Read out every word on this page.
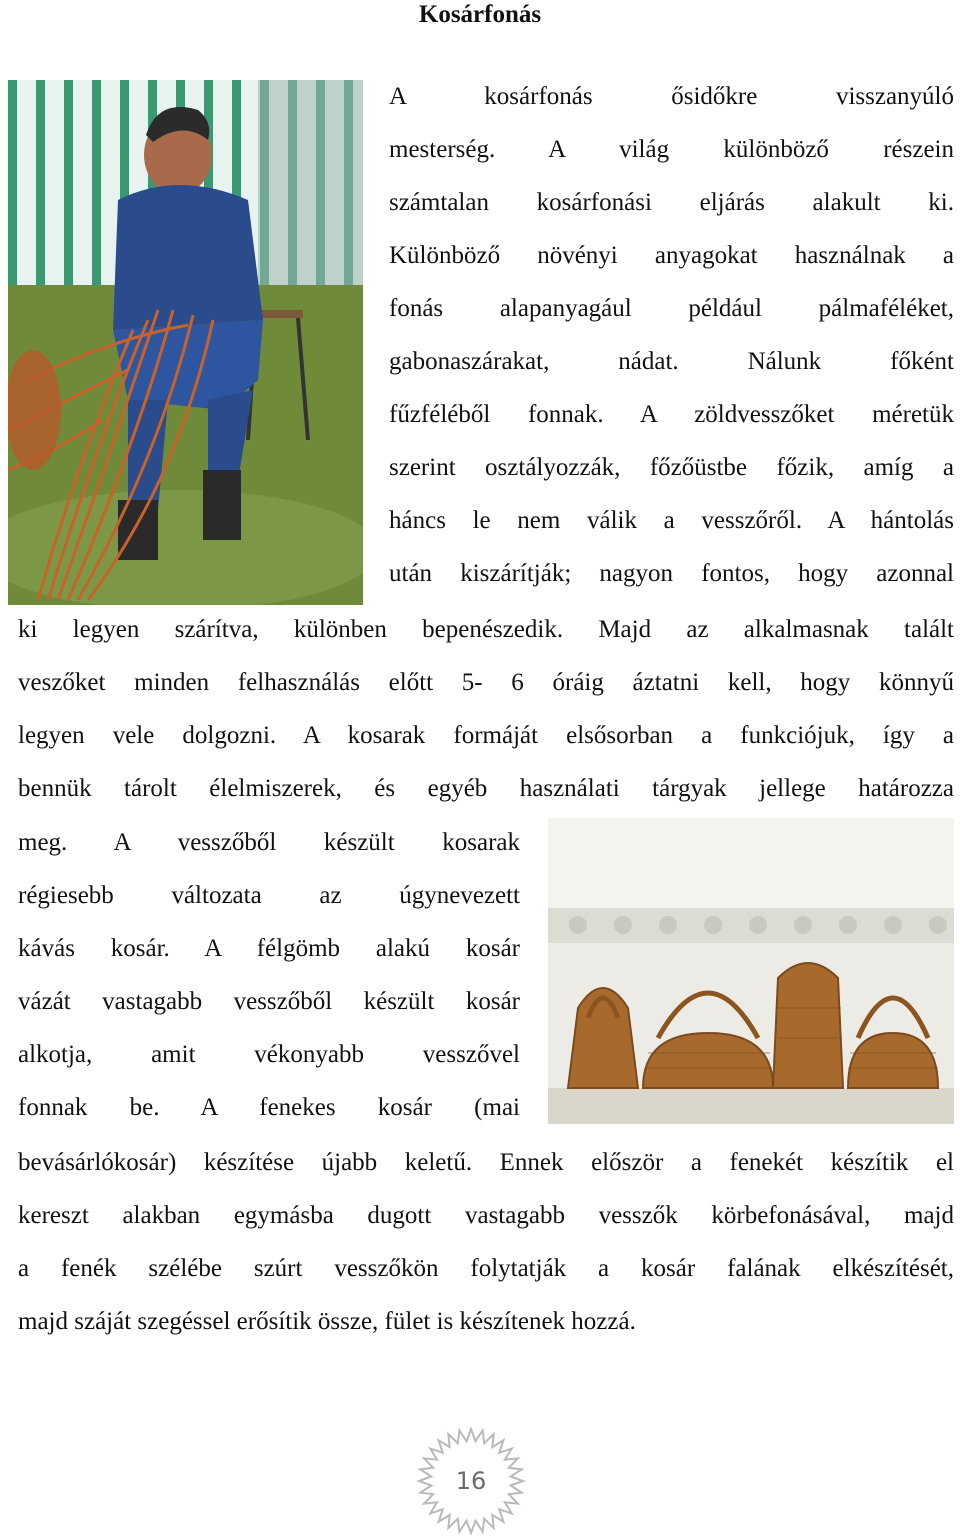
Kosárfonás
A kosárfonás ősidőkre visszanyúló
mesterség. A világ különböző részein
számtalan kosárfonási eljárás alakult ki.
Különböző növényi anyagokat használnak a
fonás alapanyagául például pálmaféléket,
gabonaszárakat, nádat. Nálunk főként
fűzféléből fonnak. A zöldvesszőket méretük
szerint osztályozzák, főzőüstbe főzik, amíg a
háncs le nem válik a vesszőről. A hántolás
után kiszárítják; nagyon fontos, hogy azonnal
ki legyen szárítva, különben bepenészedik. Majd az alkalmasnak talált
veszőket minden felhasználás előtt 5- 6 óráig áztatni kell, hogy könnyű
legyen vele dolgozni. A kosarak formáját elsősorban a funkciójuk, így a
bennük tárolt élelmiszerek, és egyéb használati tárgyak jellege határozza
meg. A vesszőből készült kosarak
régiesebb változata az úgynevezett
kávás kosár. A félgömb alakú kosár
vázát vastagabb vesszőből készült kosár
alkotja, amit vékonyabb vesszővel
fonnak be. A fenekes kosár (mai
bevásárlókosár) készítése újabb keletű. Ennek először a fenekét készítik el
kereszt alakban egymásba dugott vastagabb vesszők körbefonásával, majd
a fenék szélébe szúrt vesszőkön folytatják a kosár falának elkészítését,
majd száját szegéssel erősítik össze, fület is készítenek hozzá.
16
